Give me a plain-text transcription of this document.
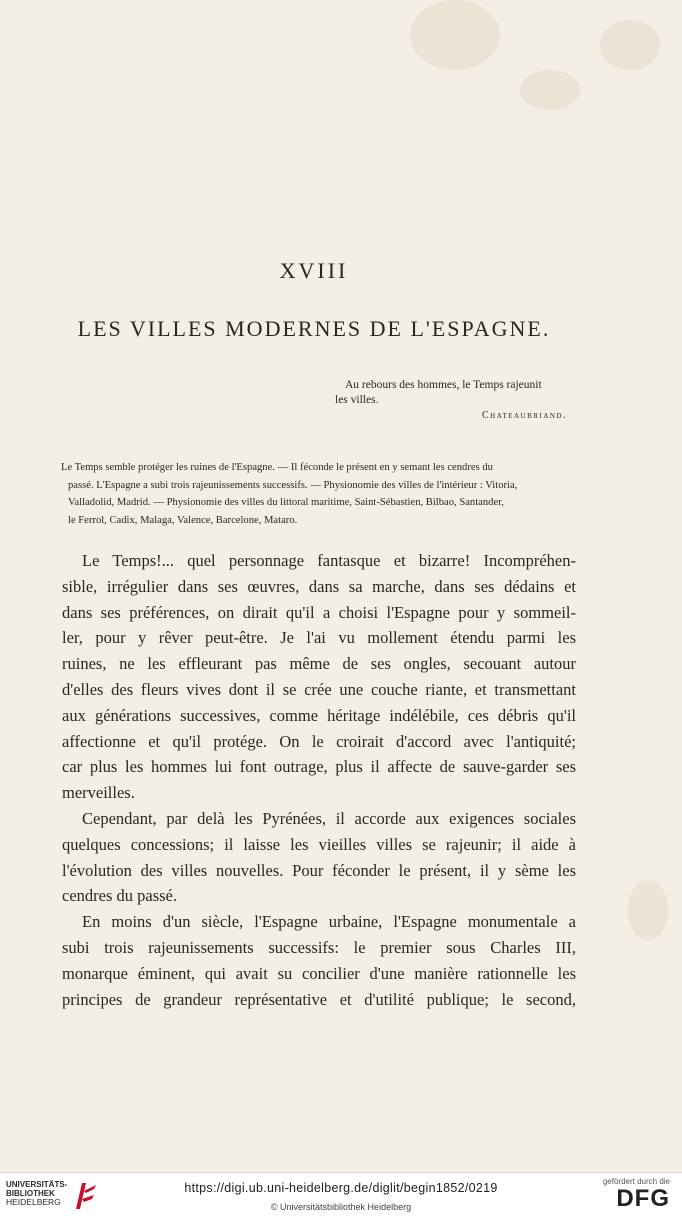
XVIII
LES VILLES MODERNES DE L'ESPAGNE.
Au rebours des hommes, le Temps rajeunit
les villes.
Chateaubriand.
Le Temps semble protéger les ruines de l'Espagne. — Il féconde le présent en y semant les cendres du
passé. L'Espagne a subi trois rajeunissements successifs. — Physionomie des villes de l'intérieur : Vitoria,
Valladolid, Madrid. — Physionomie des villes du littoral maritime, Saint-Sébastien, Bilbao, Santander,
le Ferrol, Cadix, Malaga, Valence, Barcelone, Mataro.
Le Temps!... quel personnage fantasque et bizarre! Incompréhen-
sible, irrégulier dans ses œuvres, dans sa marche, dans ses dédains et
dans ses préférences, on dirait qu'il a choisi l'Espagne pour y sommeil-
ler, pour y rêver peut-être. Je l'ai vu mollement étendu parmi les
ruines, ne les effleurant pas même de ses ongles, secouant autour
d'elles des fleurs vives dont il se crée une couche riante, et transmettant
aux générations successives, comme héritage indélébile, ces débris qu'il
affectionne et qu'il protége. On le croirait d'accord avec l'antiquité;
car plus les hommes lui font outrage, plus il affecte de sauve-garder ses
merveilles.
Cependant, par delà les Pyrénées, il accorde aux exigences sociales
quelques concessions; il laisse les vieilles villes se rajeunir; il aide à
l'évolution des villes nouvelles. Pour féconder le présent, il y sème les
cendres du passé.
En moins d'un siècle, l'Espagne urbaine, l'Espagne monumentale a
subi trois rajeunissements successifs: le premier sous Charles III,
monarque éminent, qui avait su concilier d'une manière rationnelle les
principes de grandeur représentative et d'utilité publique; le second,
UNIVERSITÄTS-
BIBLIOTHEK
HEIDELBERG
https://digi.ub.uni-heidelberg.de/diglit/begin1852/0219
© Universitätsbibliothek Heidelberg
gefördert durch die
DFG
